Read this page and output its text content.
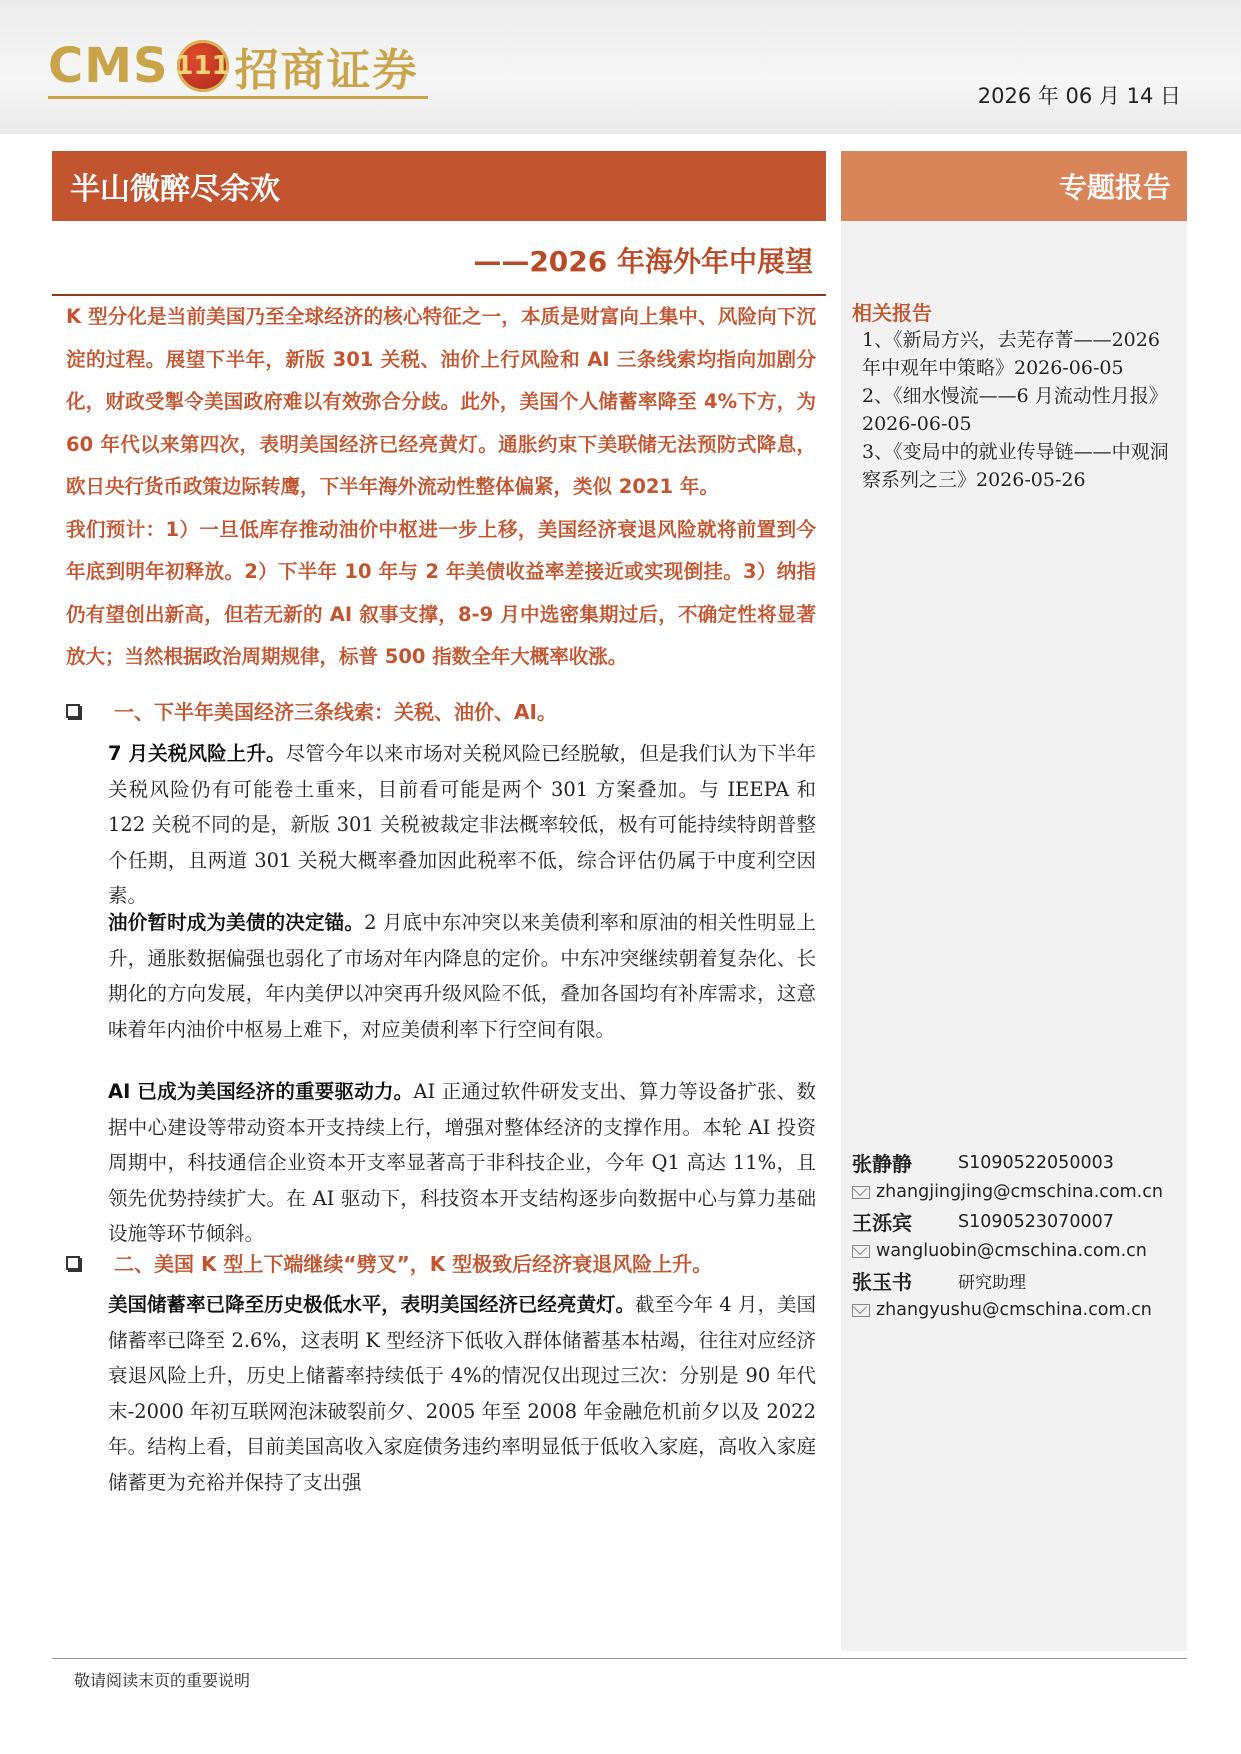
CMS 111 招商证券	2026 年 06 月 14 日
半山微醉尽余欢	专题报告
——2026 年海外年中展望

K 型分化是当前美国乃至全球经济的核心特征之一，本质是财富向上集中、风险向下沉淀的过程。展望下半年，新版 301 关税、油价上行风险和 AI 三条线索均指向加剧分化，财政受掣令美国政府难以有效弥合分歧。此外，美国个人储蓄率降至 4%下方，为 60 年代以来第四次，表明美国经济已经亮黄灯。通胀约束下美联储无法预防式降息，欧日央行货币政策边际转鹰，下半年海外流动性整体偏紧，类似 2021 年。

我们预计：1）一旦低库存推动油价中枢进一步上移，美国经济衰退风险就将前置到今年底到明年初释放。2）下半年 10 年与 2 年美债收益率差接近或实现倒挂。3）纳指仍有望创出新高，但若无新的 AI 叙事支撑，8-9 月中选密集期过后，不确定性将显著放大；当然根据政治周期规律，标普 500 指数全年大概率收涨。

一、下半年美国经济三条线索：关税、油价、AI。
7 月关税风险上升。尽管今年以来市场对关税风险已经脱敏，但是我们认为下半年关税风险仍有可能卷土重来，目前看可能是两个 301 方案叠加。与 IEEPA 和 122 关税不同的是，新版 301 关税被裁定非法概率较低，极有可能持续特朗普整个任期，且两道 301 关税大概率叠加因此税率不低，综合评估仍属于中度利空因素。
油价暂时成为美债的决定锚。2 月底中东冲突以来美债利率和原油的相关性明显上升，通胀数据偏强也弱化了市场对年内降息的定价。中东冲突继续朝着复杂化、长期化的方向发展，年内美伊以冲突再升级风险不低，叠加各国均有补库需求，这意味着年内油价中枢易上难下，对应美债利率下行空间有限。
AI 已成为美国经济的重要驱动力。AI 正通过软件研发支出、算力等设备扩张、数据中心建设等带动资本开支持续上行，增强对整体经济的支撑作用。本轮 AI 投资周期中，科技通信企业资本开支率显著高于非科技企业，今年 Q1 高达 11%，且领先优势持续扩大。在 AI 驱动下，科技资本开支结构逐步向数据中心与算力基础设施等环节倾斜。
二、美国 K 型上下端继续“劈叉”，K 型极致后经济衰退风险上升。
美国储蓄率已降至历史极低水平，表明美国经济已经亮黄灯。截至今年 4 月，美国储蓄率已降至 2.6%，这表明 K 型经济下低收入群体储蓄基本枯竭，往往对应经济衰退风险上升，历史上储蓄率持续低于 4%的情况仅出现过三次：分别是 90 年代末-2000 年初互联网泡沫破裂前夕、2005 年至 2008 年金融危机前夕以及 2022 年。结构上看，目前美国高收入家庭债务违约率明显低于低收入家庭，高收入家庭储蓄更为充裕并保持了支出强
相关报告
1、《新局方兴，去芜存菁——2026 年中观年中策略》2026-06-05
2、《细水慢流——6 月流动性月报》2026-06-05
3、《变局中的就业传导链——中观洞察系列之三》2026-05-26
张静静	S1090522050003
zhangjingjing@cmschina.com.cn
王泺宾	S1090523070007
wangluobin@cmschina.com.cn
张玉书	研究助理
zhangyushu@cmschina.com.cn
敬请阅读末页的重要说明
